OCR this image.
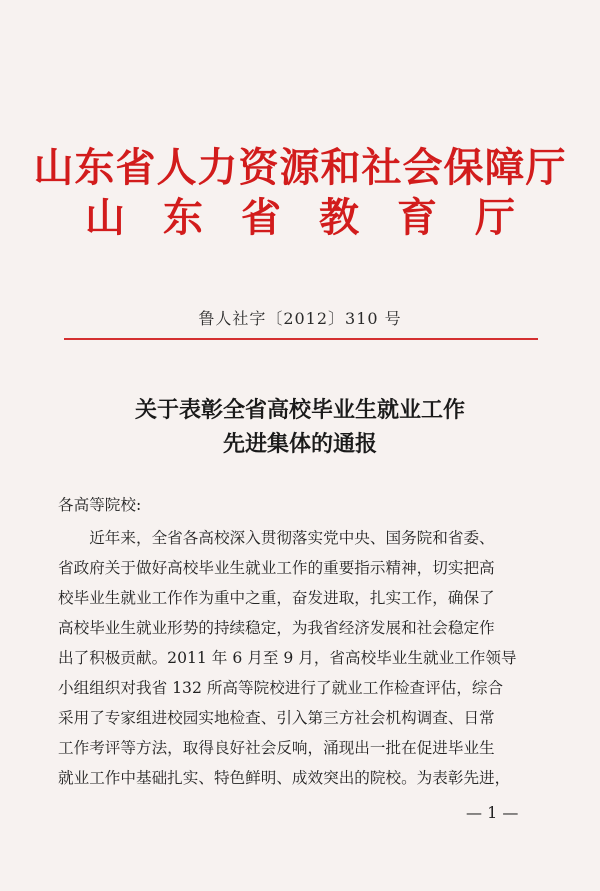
山东省人力资源和社会保障厅
山东省教育厅
鲁人社字〔2012〕310 号
关于表彰全省高校毕业生就业工作
先进集体的通报
各高等院校:
　　近年来，全省各高校深入贯彻落实党中央、国务院和省委、
省政府关于做好高校毕业生就业工作的重要指示精神，切实把高
校毕业生就业工作作为重中之重，奋发进取，扎实工作，确保了
高校毕业生就业形势的持续稳定，为我省经济发展和社会稳定作
出了积极贡献。2011 年 6 月至 9 月，省高校毕业生就业工作领导
小组组织对我省 132 所高等院校进行了就业工作检查评估，综合
采用了专家组进校园实地检查、引入第三方社会机构调查、日常
工作考评等方法，取得良好社会反响，涌现出一批在促进毕业生
就业工作中基础扎实、特色鲜明、成效突出的院校。为表彰先进，
— 1 —
